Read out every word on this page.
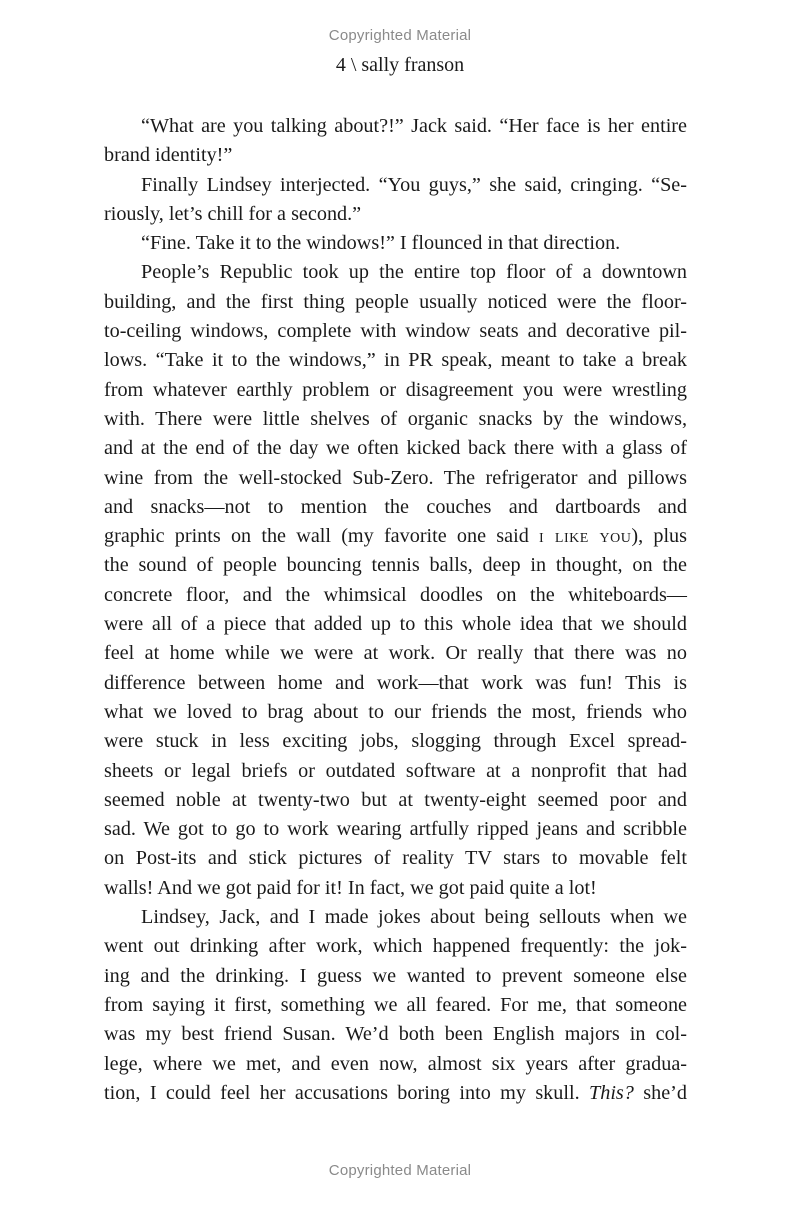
Copyrighted Material
4 \ sally franson
“What are you talking about?!” Jack said. “Her face is her entire
brand identity!”
Finally Lindsey interjected. “You guys,” she said, cringing. “Se-
riously, let’s chill for a second.”
“Fine. Take it to the windows!” I flounced in that direction.
People’s Republic took up the entire top floor of a downtown
building, and the first thing people usually noticed were the floor-
to-ceiling windows, complete with window seats and decorative pil-
lows. “Take it to the windows,” in PR speak, meant to take a break
from whatever earthly problem or disagreement you were wrestling
with. There were little shelves of organic snacks by the windows,
and at the end of the day we often kicked back there with a glass of
wine from the well-stocked Sub-Zero. The refrigerator and pillows
and snacks—not to mention the couches and dartboards and
graphic prints on the wall (my favorite one said i like you), plus
the sound of people bouncing tennis balls, deep in thought, on the
concrete floor, and the whimsical doodles on the whiteboards—
were all of a piece that added up to this whole idea that we should
feel at home while we were at work. Or really that there was no
difference between home and work—that work was fun! This is
what we loved to brag about to our friends the most, friends who
were stuck in less exciting jobs, slogging through Excel spread-
sheets or legal briefs or outdated software at a nonprofit that had
seemed noble at twenty-two but at twenty-eight seemed poor and
sad. We got to go to work wearing artfully ripped jeans and scribble
on Post-its and stick pictures of reality TV stars to movable felt
walls! And we got paid for it! In fact, we got paid quite a lot!
Lindsey, Jack, and I made jokes about being sellouts when we
went out drinking after work, which happened frequently: the jok-
ing and the drinking. I guess we wanted to prevent someone else
from saying it first, something we all feared. For me, that someone
was my best friend Susan. We’d both been English majors in col-
lege, where we met, and even now, almost six years after gradua-
tion, I could feel her accusations boring into my skull. This? she’d
Copyrighted Material
